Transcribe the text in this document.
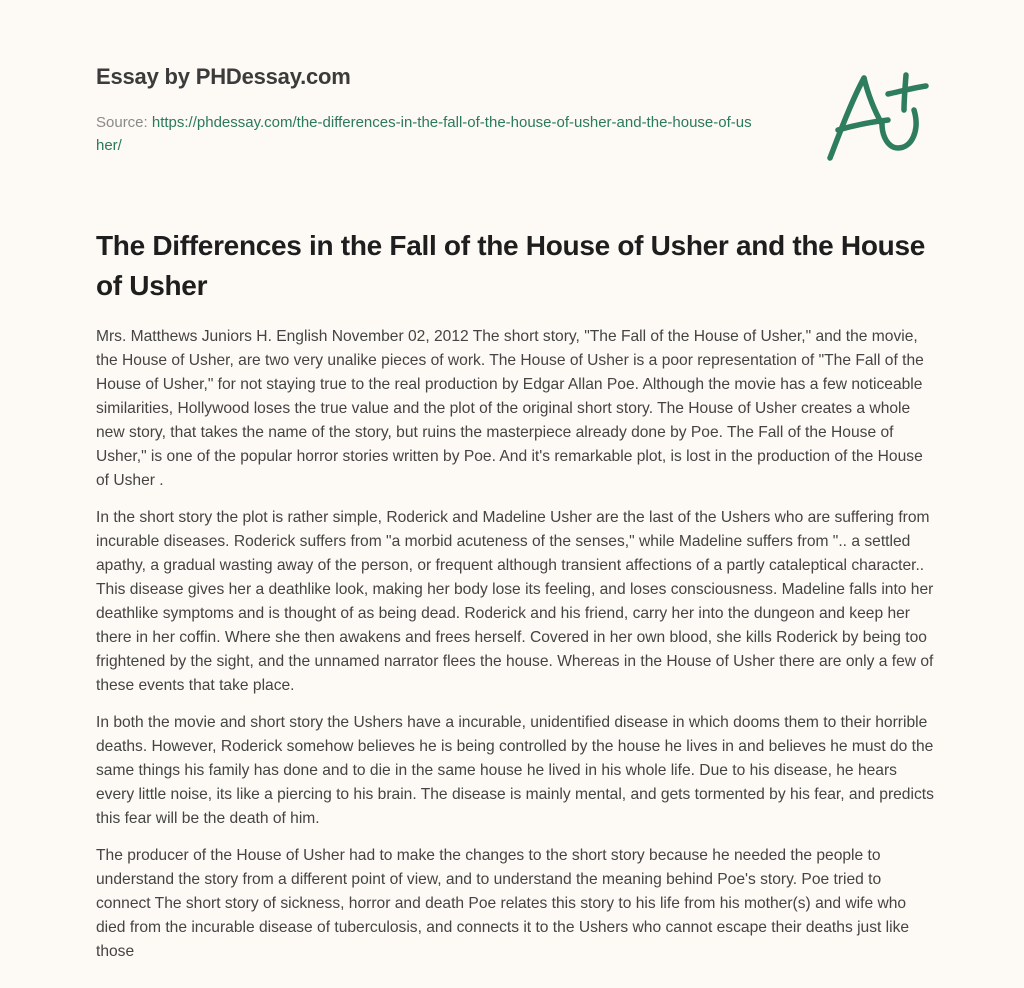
Essay by PHDessay.com
Source: https://phdessay.com/the-differences-in-the-fall-of-the-house-of-usher-and-the-house-of-usher/
The Differences in the Fall of the House of Usher and the House of Usher

Mrs. Matthews Juniors H. English November 02, 2012 The short story, "The Fall of the House of Usher," and the movie, the House of Usher, are two very unalike pieces of work. The House of Usher is a poor representation of "The Fall of the House of Usher," for not staying true to the real production by Edgar Allan Poe. Although the movie has a few noticeable similarities, Hollywood loses the true value and the plot of the original short story. The House of Usher creates a whole new story, that takes the name of the story, but ruins the masterpiece already done by Poe. The Fall of the House of Usher," is one of the popular horror stories written by Poe. And it's remarkable plot, is lost in the production of the House of Usher .

In the short story the plot is rather simple, Roderick and Madeline Usher are the last of the Ushers who are suffering from incurable diseases. Roderick suffers from "a morbid acuteness of the senses," while Madeline suffers from ".. a settled apathy, a gradual wasting away of the person, or frequent although transient affections of a partly cataleptical character.. This disease gives her a deathlike look, making her body lose its feeling, and loses consciousness. Madeline falls into her deathlike symptoms and is thought of as being dead. Roderick and his friend, carry her into the dungeon and keep her there in her coffin. Where she then awakens and frees herself. Covered in her own blood, she kills Roderick by being too frightened by the sight, and the unnamed narrator flees the house. Whereas in the House of Usher there are only a few of these events that take place.

In both the movie and short story the Ushers have a incurable, unidentified disease in which dooms them to their horrible deaths. However, Roderick somehow believes he is being controlled by the house he lives in and believes he must do the same things his family has done and to die in the same house he lived in his whole life. Due to his disease, he hears every little noise, its like a piercing to his brain. The disease is mainly mental, and gets tormented by his fear, and predicts this fear will be the death of him.

The producer of the House of Usher had to make the changes to the short story because he needed the people to understand the story from a different point of view, and to understand the meaning behind Poe's story. Poe tried to connect The short story of sickness, horror and death Poe relates this story to his life from his mother(s) and wife who died from the incurable disease of tuberculosis, and connects it to the Ushers who cannot escape their deaths just like those
